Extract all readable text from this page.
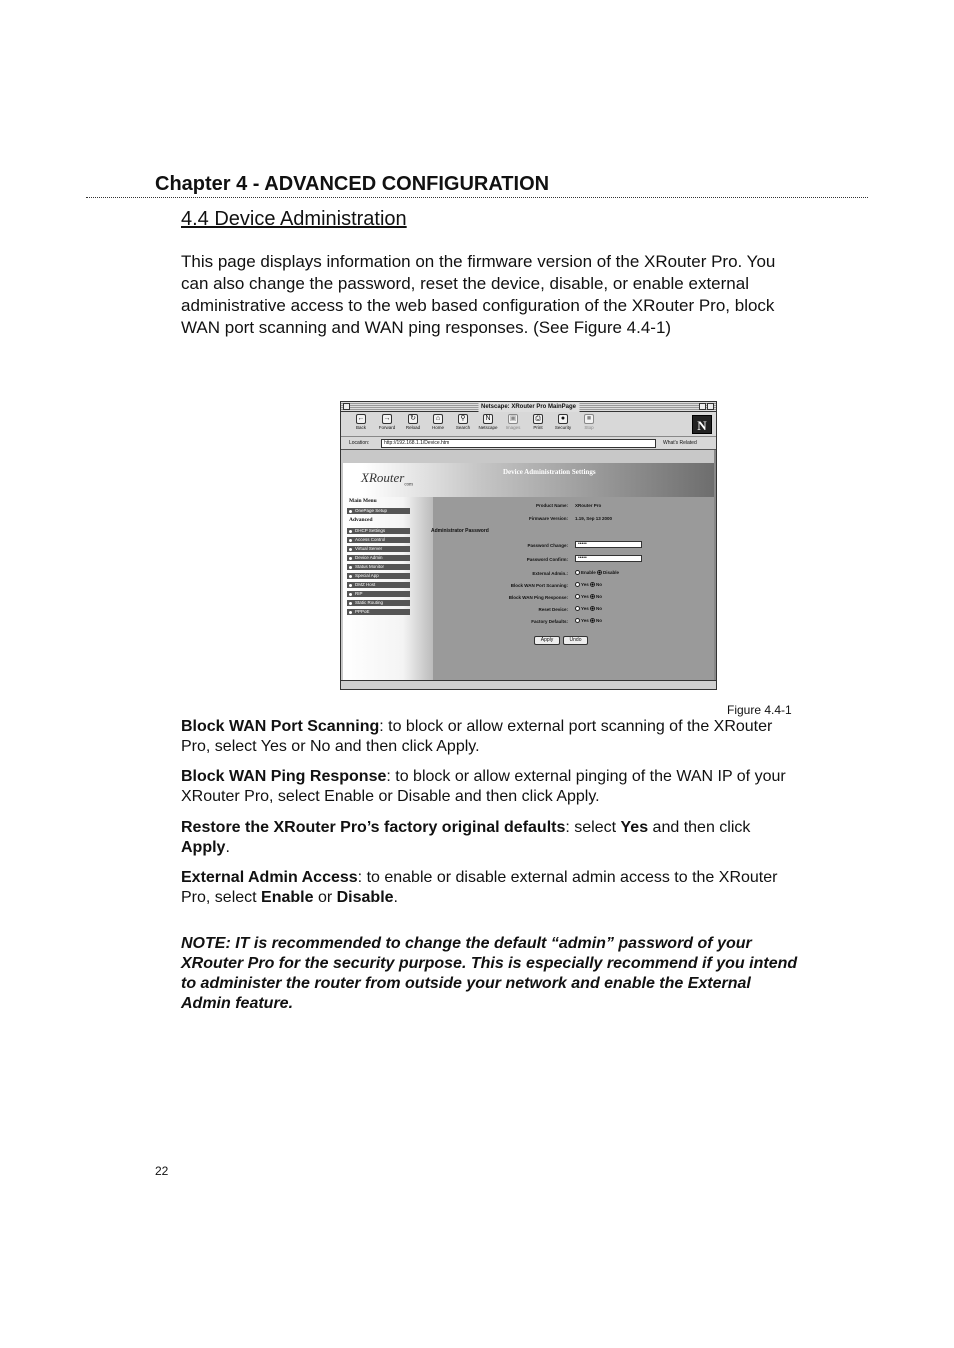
Chapter 4 - ADVANCED CONFIGURATION
4.4 Device Administration

This page displays information on the firmware version of the XRouter Pro. You can also change the password, reset the device, disable, or enable external administrative access to the web based configuration of the XRouter Pro, block WAN port scanning and WAN ping responses. (See Figure 4.4-1)

Netscape: XRouter Pro MainPage
←
Back
→
Forward
↻
Reload
⌂
Home
⚲
Search
N
Netscape
▣
Images
⎙
Print
●
Security
■
Stop	N
Location:	http://192.168.1.1/Device.htm	What's Related
Device Administration Settings
XRouter$_{com}$
Main Menu
OnePage Setup
Advanced
Product Name: XRouter Pro
Firmware Version: 1.19, Sep 13 2000
Administrator Password
Password Change:	•••••
Password Confirm:	•••••
External Admin.:	Enable Disable
Block WAN Port Scanning:	Yes No
Block WAN Ping Response:	Yes No
Reset Device:	Yes No
Factory Defaults:	Yes No
Apply	Undo
DHCP Settings
Access Control
Virtual Server
Device Admin
Status Monitor
Special App
DMZ Host
RIP
Static Routing
PPPoE
Figure 4.4-1

Block WAN Port Scanning: to block or allow external port scanning of the XRouter Pro, select Yes or No and then click Apply.

Block WAN Ping Response: to block or allow external pinging of the WAN IP of your XRouter Pro, select Enable or Disable and then click Apply.

Restore the XRouter Pro’s factory original defaults: select Yes and then click Apply.

External Admin Access: to enable or disable external admin access to the XRouter Pro, select Enable or Disable.

NOTE: IT is recommended to change the default “admin” password of your XRouter Pro for the security purpose. This is especially recommend if you intend to administer the router from outside your network and enable the External Admin feature.

22
